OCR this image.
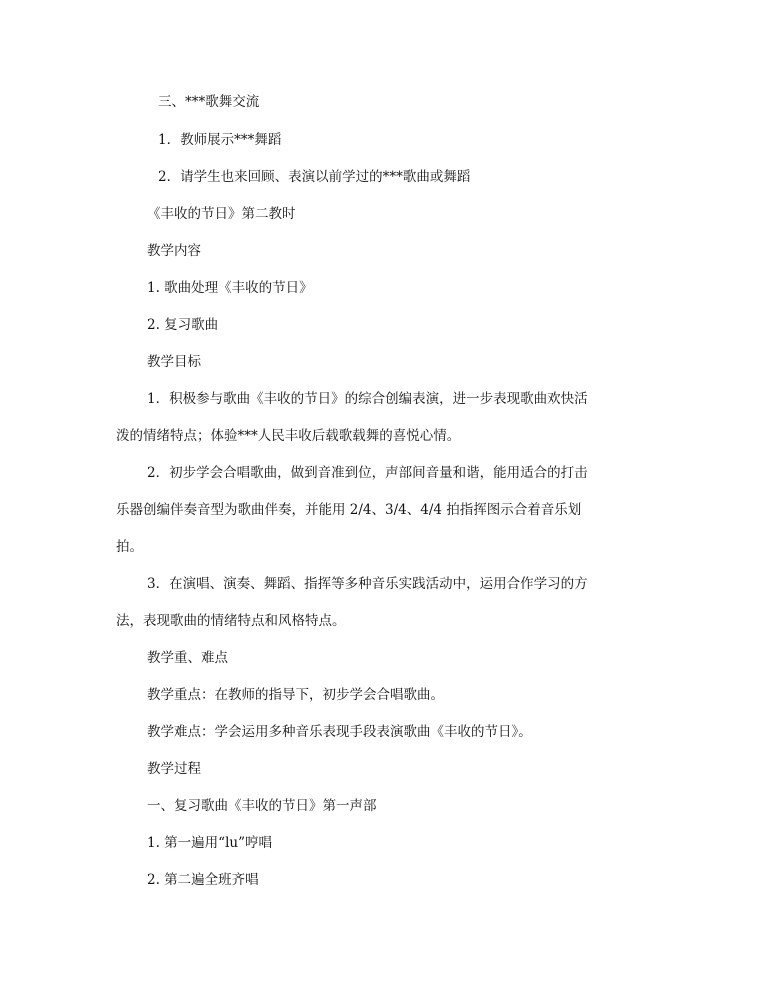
三、***歌舞交流
1．教师展示***舞蹈
2．请学生也来回顾、表演以前学过的***歌曲或舞蹈
《丰收的节日》第二教时
教学内容
1. 歌曲处理《丰收的节日》
2. 复习歌曲
教学目标
1．积极参与歌曲《丰收的节日》的综合创编表演，进一步表现歌曲欢快活
泼的情绪特点；体验***人民丰收后载歌载舞的喜悦心情。
2．初步学会合唱歌曲，做到音准到位，声部间音量和谐，能用适合的打击
乐器创编伴奏音型为歌曲伴奏，并能用 2/4、3/4、4/4 拍指挥图示合着音乐划
拍。
3．在演唱、演奏、舞蹈、指挥等多种音乐实践活动中，运用合作学习的方
法，表现歌曲的情绪特点和风格特点。
教学重、难点
教学重点：在教师的指导下，初步学会合唱歌曲。
教学难点：学会运用多种音乐表现手段表演歌曲《丰收的节日》。
教学过程
一、复习歌曲《丰收的节日》第一声部
1. 第一遍用“lu”哼唱
2. 第二遍全班齐唱
